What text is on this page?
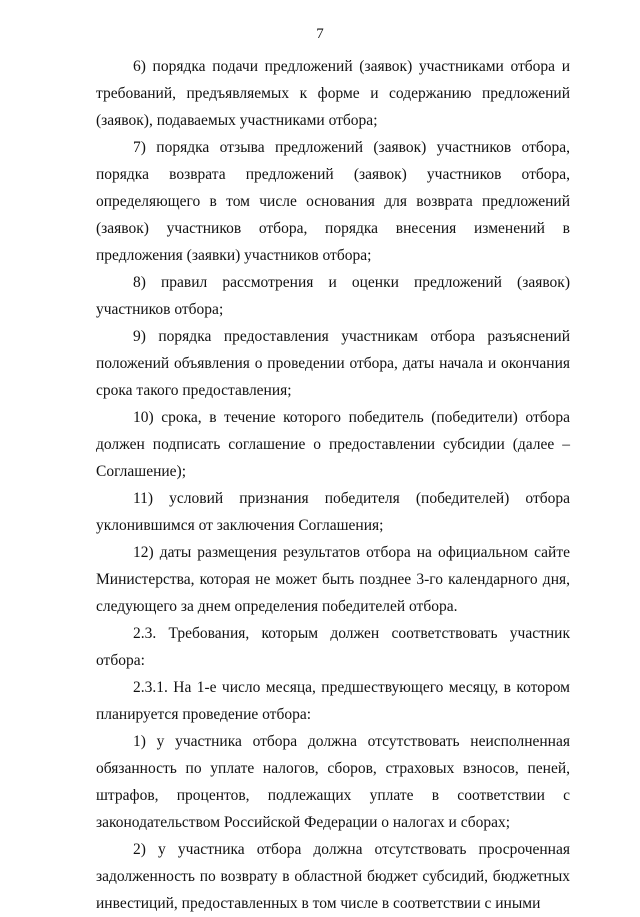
7

6) порядка подачи предложений (заявок) участниками отбора и требований, предъявляемых к форме и содержанию предложений (заявок), подаваемых участниками отбора;

7) порядка отзыва предложений (заявок) участников отбора, порядка возврата предложений (заявок) участников отбора, определяющего в том числе основания для возврата предложений (заявок) участников отбора, порядка внесения изменений в предложения (заявки) участников отбора;

8) правил рассмотрения и оценки предложений (заявок) участников отбора;

9) порядка предоставления участникам отбора разъяснений положений объявления о проведении отбора, даты начала и окончания срока такого предоставления;

10) срока, в течение которого победитель (победители) отбора должен подписать соглашение о предоставлении субсидии (далее – Соглашение);

11) условий признания победителя (победителей) отбора уклонившимся от заключения Соглашения;

12) даты размещения результатов отбора на официальном сайте Министерства, которая не может быть позднее 3-го календарного дня, следующего за днем определения победителей отбора.

2.3. Требования, которым должен соответствовать участник отбора:

2.3.1. На 1-е число месяца, предшествующего месяцу, в котором планируется проведение отбора:

1) у участника отбора должна отсутствовать неисполненная обязанность по уплате налогов, сборов, страховых взносов, пеней, штрафов, процентов, подлежащих уплате в соответствии с законодательством Российской Федерации о налогах и сборах;

2) у участника отбора должна отсутствовать просроченная задолженность по возврату в областной бюджет субсидий, бюджетных инвестиций, предоставленных в том числе в соответствии с иными
